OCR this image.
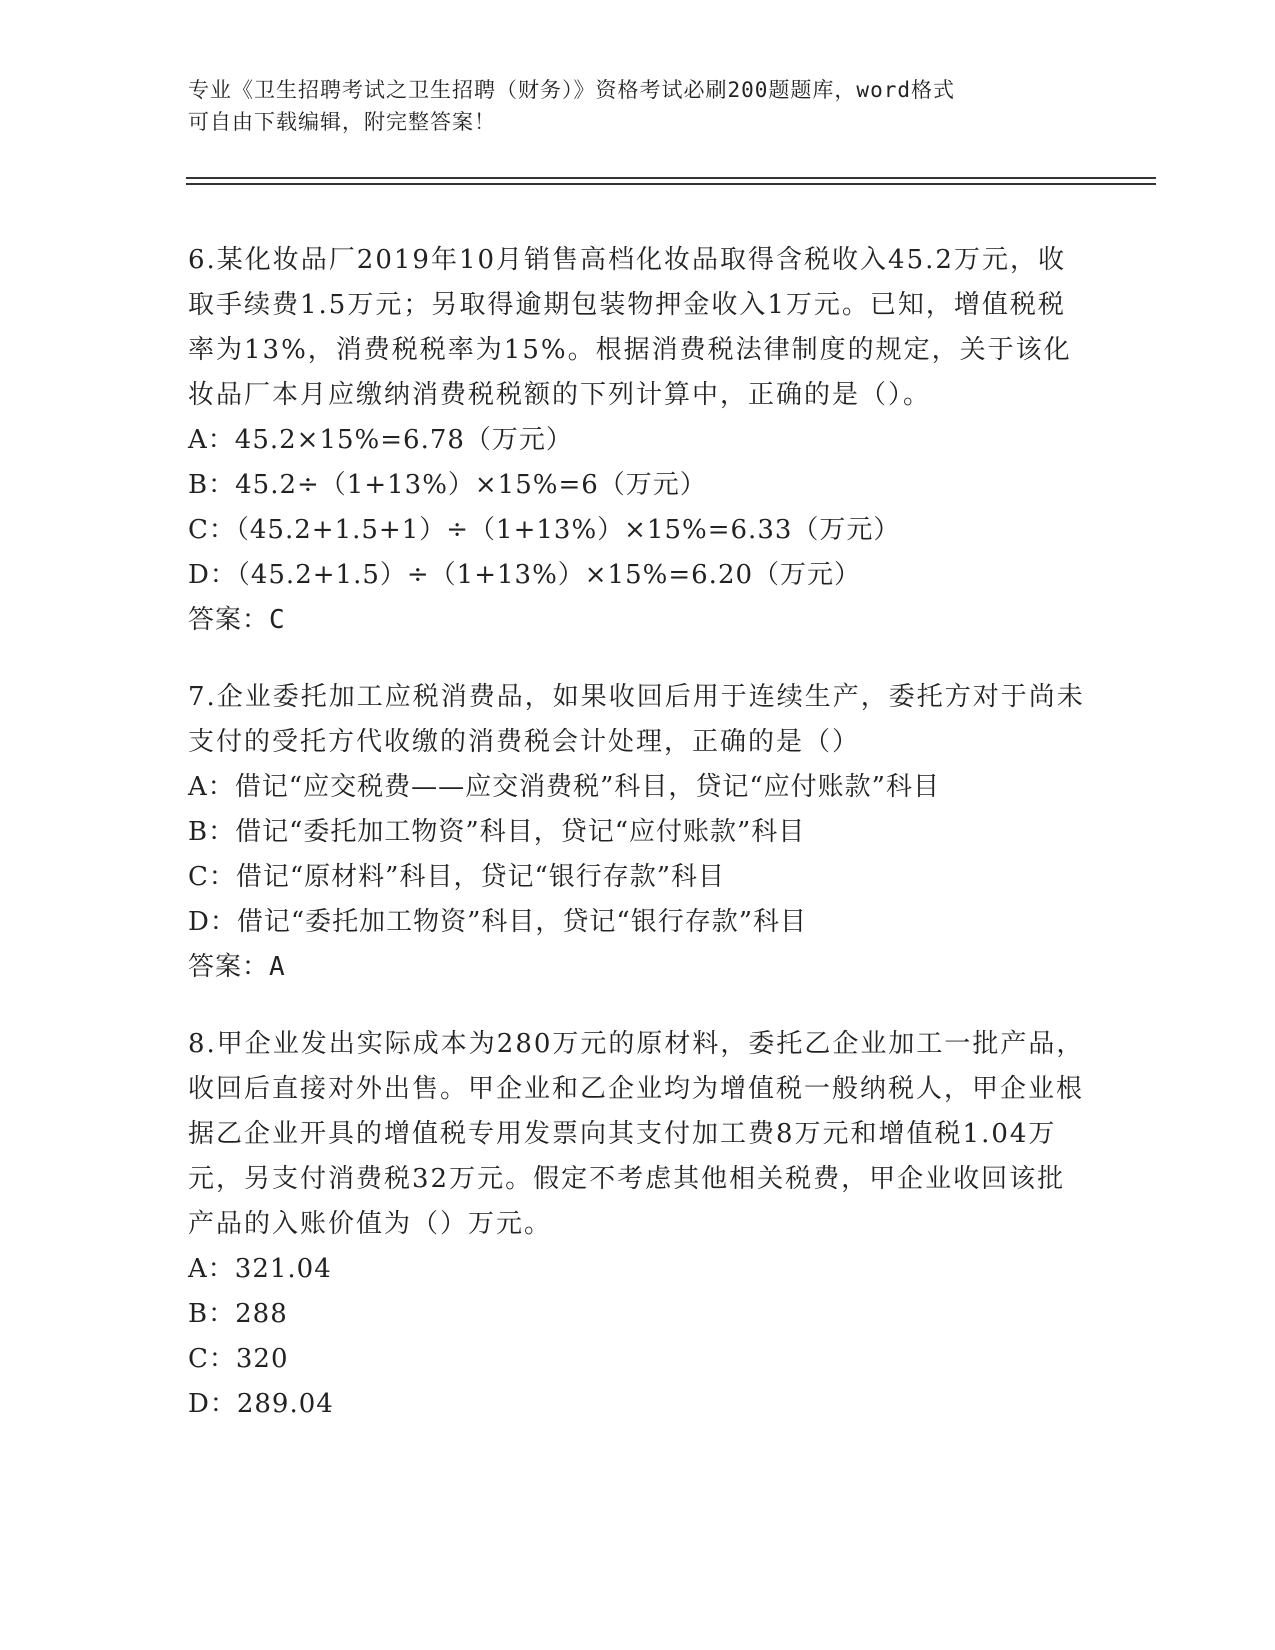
专业《卫生招聘考试之卫生招聘（财务）》资格考试必刷200题题库，word格式
可自由下载编辑，附完整答案！

6.某化妆品厂2019年10月销售高档化妆品取得含税收入45.2万元，收取手续费1.5万元；另取得逾期包装物押金收入1万元。已知，增值税税率为13%，消费税税率为15%。根据消费税法律制度的规定，关于该化妆品厂本月应缴纳消费税税额的下列计算中，正确的是（）。

A：45.2×15%=6.78（万元）

B：45.2÷（1+13%）×15%=6（万元）

C：（45.2+1.5+1）÷（1+13%）×15%=6.33（万元）

D：（45.2+1.5）÷（1+13%）×15%=6.20（万元）

答案：C

7.企业委托加工应税消费品，如果收回后用于连续生产，委托方对于尚未支付的受托方代收缴的消费税会计处理，正确的是（）

A：借记“应交税费——应交消费税”科目，贷记“应付账款”科目

B：借记“委托加工物资”科目，贷记“应付账款”科目

C：借记“原材料”科目，贷记“银行存款”科目

D：借记“委托加工物资”科目，贷记“银行存款”科目

答案：A

8.甲企业发出实际成本为280万元的原材料，委托乙企业加工一批产品，收回后直接对外出售。甲企业和乙企业均为增值税一般纳税人，甲企业根据乙企业开具的增值税专用发票向其支付加工费8万元和增值税1.04万元，另支付消费税32万元。假定不考虑其他相关税费，甲企业收回该批产品的入账价值为（）万元。

A：321.04

B：288

C：320

D：289.04
